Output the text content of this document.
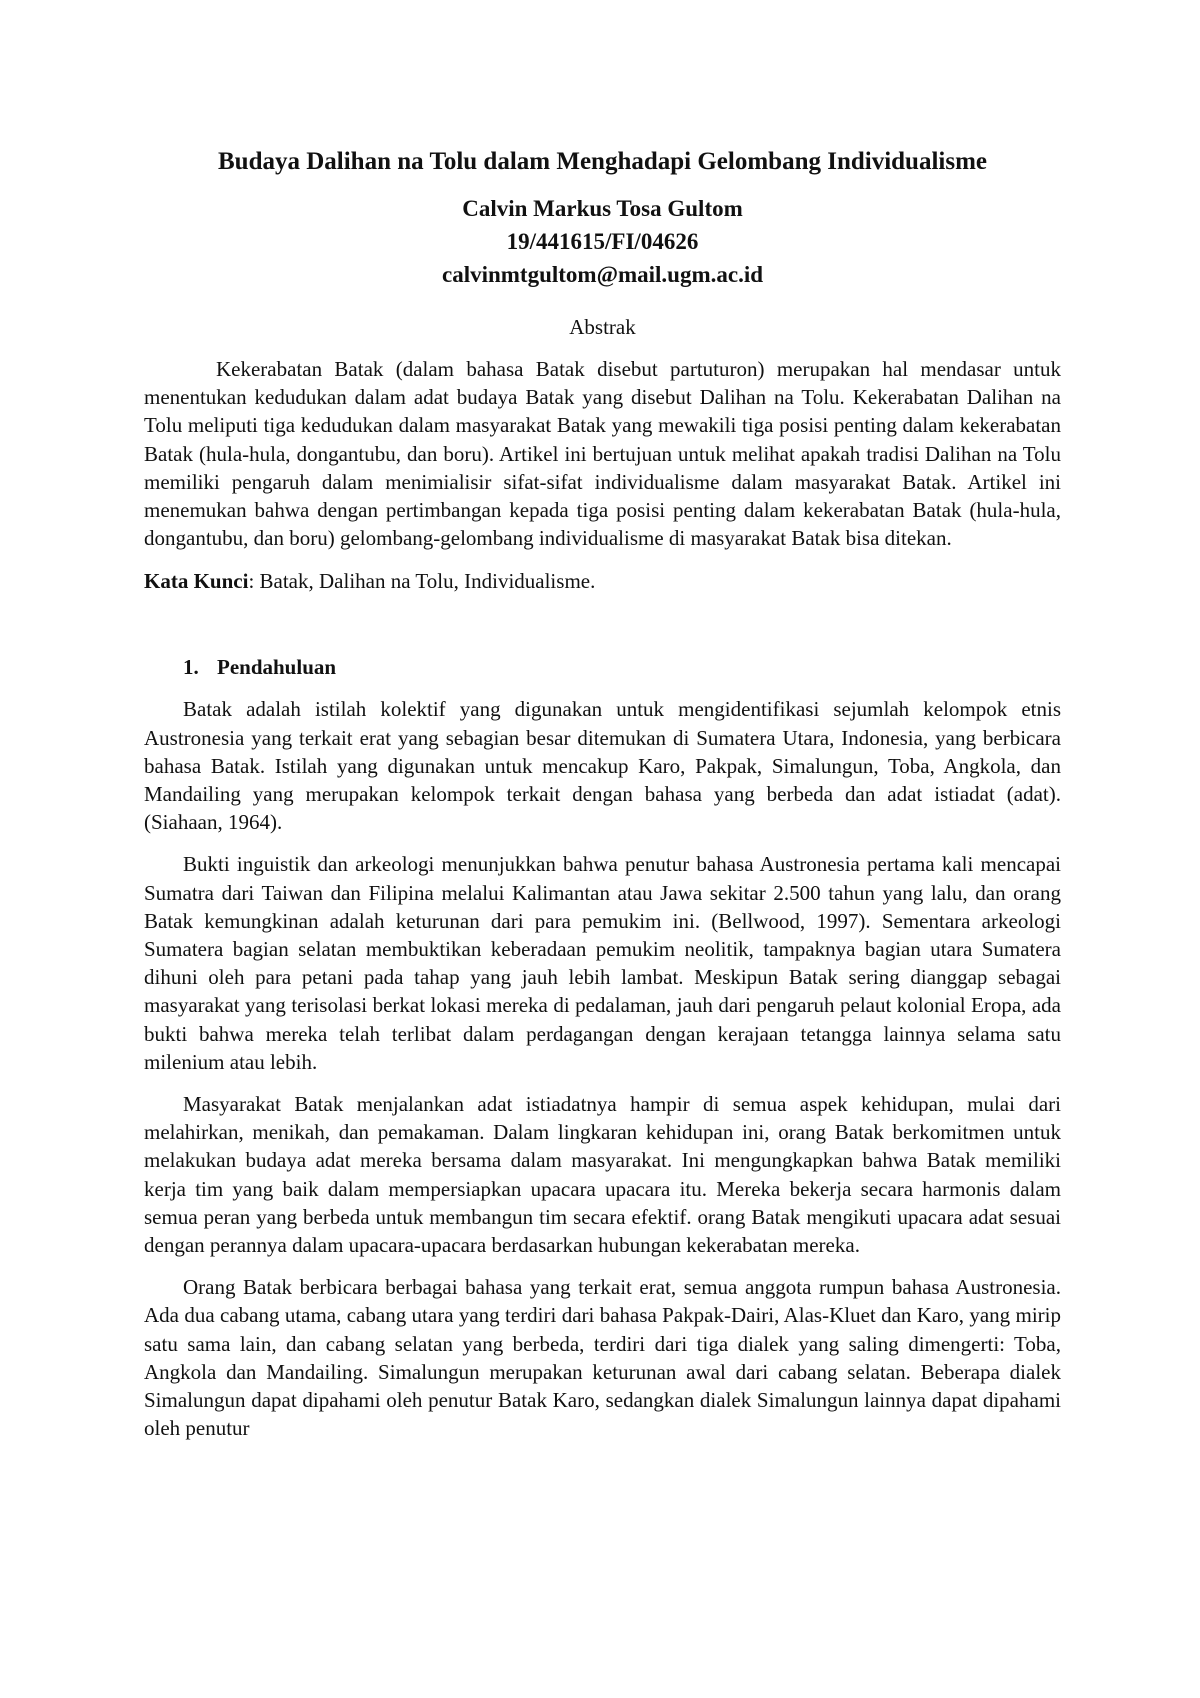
Budaya Dalihan na Tolu dalam Menghadapi Gelombang Individualisme
Calvin Markus Tosa Gultom
19/441615/FI/04626
calvinmtgultom@mail.ugm.ac.id
Abstrak

Kekerabatan Batak (dalam bahasa Batak disebut partuturon) merupakan hal mendasar untuk menentukan kedudukan dalam adat budaya Batak yang disebut Dalihan na Tolu. Kekerabatan Dalihan na Tolu meliputi tiga kedudukan dalam masyarakat Batak yang mewakili tiga posisi penting dalam kekerabatan Batak (hula-hula, dongantubu, dan boru). Artikel ini bertujuan untuk melihat apakah tradisi Dalihan na Tolu memiliki pengaruh dalam menimialisir sifat-sifat individualisme dalam masyarakat Batak. Artikel ini menemukan bahwa dengan pertimbangan kepada tiga posisi penting dalam kekerabatan Batak (hula-hula, dongantubu, dan boru) gelombang-gelombang individualisme di masyarakat Batak bisa ditekan.

Kata Kunci: Batak, Dalihan na Tolu, Individualisme.
1. Pendahuluan

Batak adalah istilah kolektif yang digunakan untuk mengidentifikasi sejumlah kelompok etnis Austronesia yang terkait erat yang sebagian besar ditemukan di Sumatera Utara, Indonesia, yang berbicara bahasa Batak. Istilah yang digunakan untuk mencakup Karo, Pakpak, Simalungun, Toba, Angkola, dan Mandailing yang merupakan kelompok terkait dengan bahasa yang berbeda dan adat istiadat (adat). (Siahaan, 1964).

Bukti inguistik dan arkeologi menunjukkan bahwa penutur bahasa Austronesia pertama kali mencapai Sumatra dari Taiwan dan Filipina melalui Kalimantan atau Jawa sekitar 2.500 tahun yang lalu, dan orang Batak kemungkinan adalah keturunan dari para pemukim ini. (Bellwood, 1997). Sementara arkeologi Sumatera bagian selatan membuktikan keberadaan pemukim neolitik, tampaknya bagian utara Sumatera dihuni oleh para petani pada tahap yang jauh lebih lambat. Meskipun Batak sering dianggap sebagai masyarakat yang terisolasi berkat lokasi mereka di pedalaman, jauh dari pengaruh pelaut kolonial Eropa, ada bukti bahwa mereka telah terlibat dalam perdagangan dengan kerajaan tetangga lainnya selama satu milenium atau lebih.

Masyarakat Batak menjalankan adat istiadatnya hampir di semua aspek kehidupan, mulai dari melahirkan, menikah, dan pemakaman. Dalam lingkaran kehidupan ini, orang Batak berkomitmen untuk melakukan budaya adat mereka bersama dalam masyarakat. Ini mengungkapkan bahwa Batak memiliki kerja tim yang baik dalam mempersiapkan upacara upacara itu. Mereka bekerja secara harmonis dalam semua peran yang berbeda untuk membangun tim secara efektif. orang Batak mengikuti upacara adat sesuai dengan perannya dalam upacara-upacara berdasarkan hubungan kekerabatan mereka.

Orang Batak berbicara berbagai bahasa yang terkait erat, semua anggota rumpun bahasa Austronesia. Ada dua cabang utama, cabang utara yang terdiri dari bahasa Pakpak-Dairi, Alas-Kluet dan Karo, yang mirip satu sama lain, dan cabang selatan yang berbeda, terdiri dari tiga dialek yang saling dimengerti: Toba, Angkola dan Mandailing. Simalungun merupakan keturunan awal dari cabang selatan. Beberapa dialek Simalungun dapat dipahami oleh penutur Batak Karo, sedangkan dialek Simalungun lainnya dapat dipahami oleh penutur
